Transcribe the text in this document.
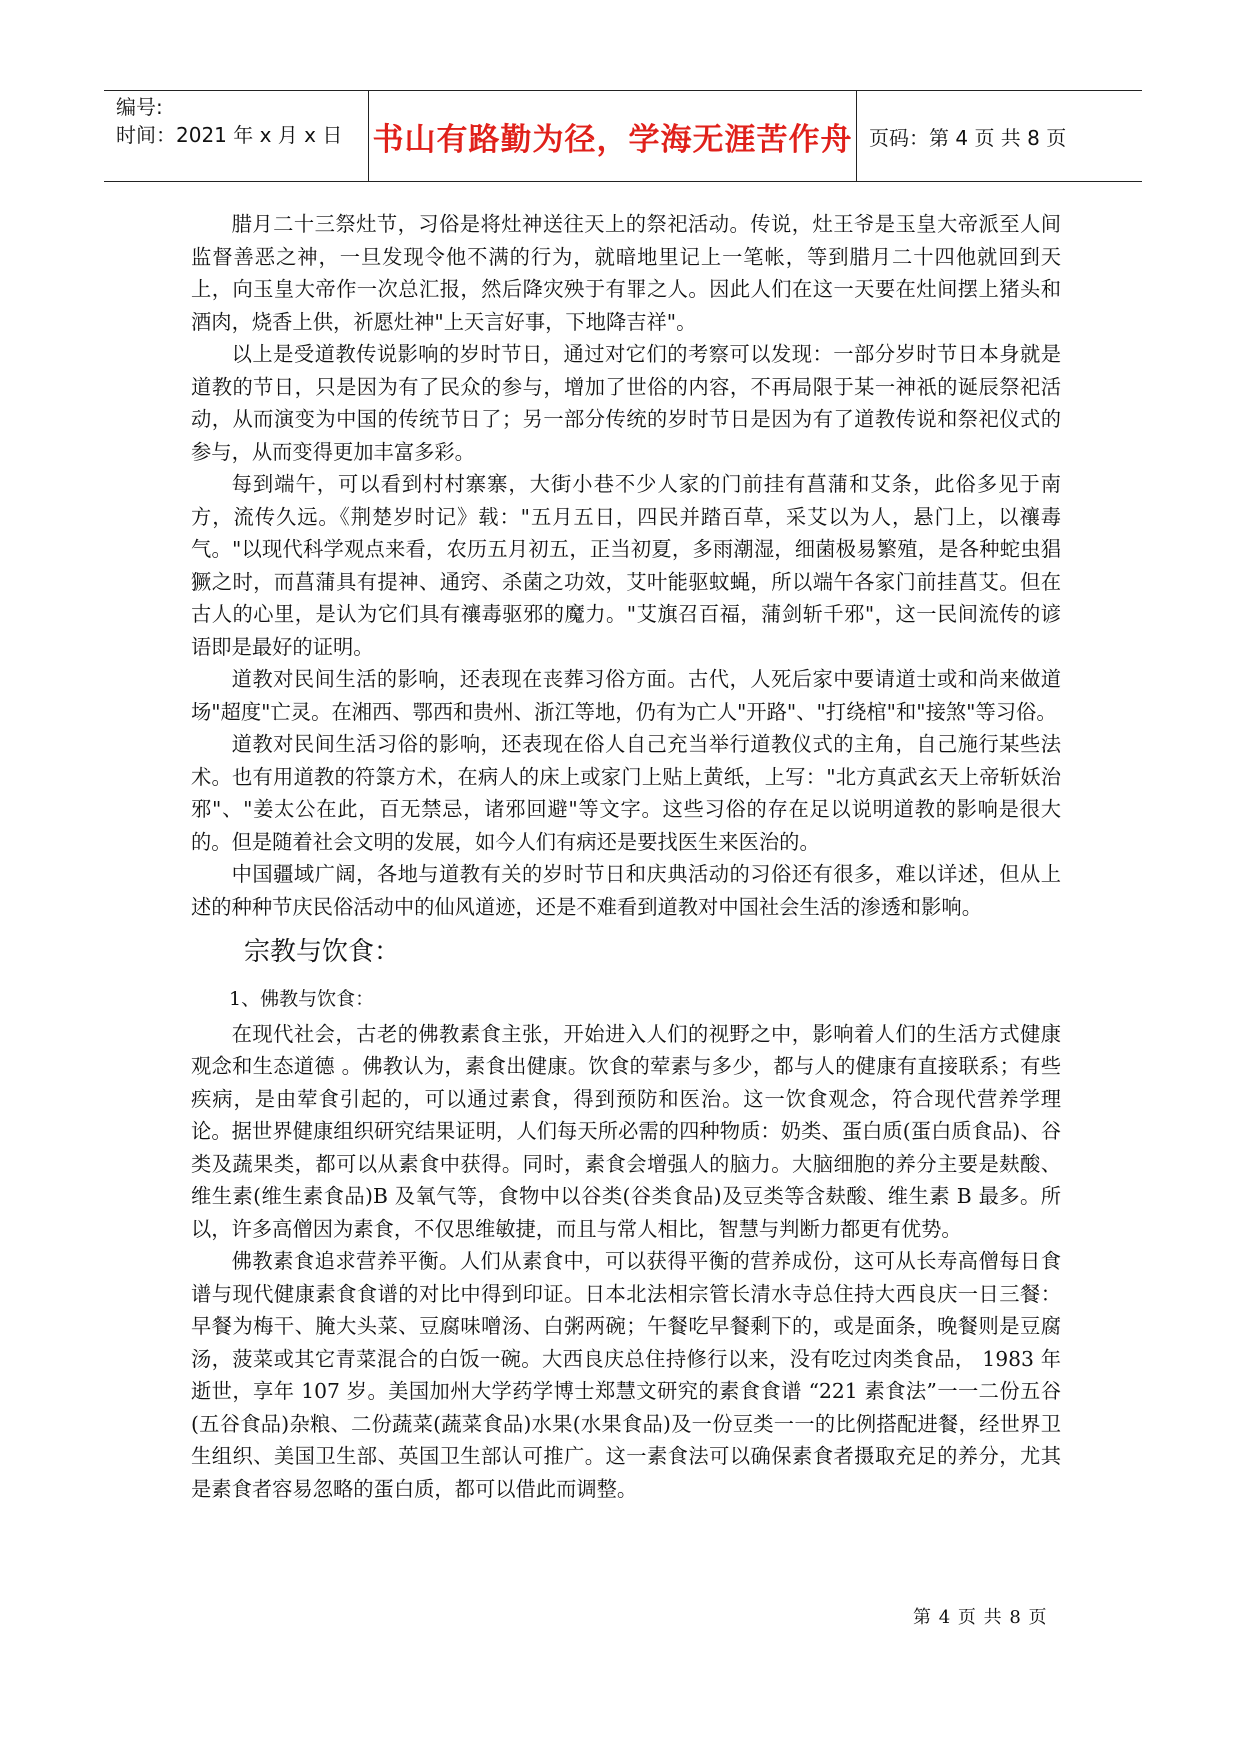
编号:
时间：2021 年 x 月 x 日 书山有路勤为径，学海无涯苦作舟 页码：第 4 页 共 8 页

腊月二十三祭灶节，习俗是将灶神送往天上的祭祀活动。传说，灶王爷是玉皇大帝派至人间监督善恶之神，一旦发现令他不满的行为，就暗地里记上一笔帐，等到腊月二十四他就回到天上，向玉皇大帝作一次总汇报，然后降灾殃于有罪之人。因此人们在这一天要在灶间摆上猪头和酒肉，烧香上供，祈愿灶神"上天言好事，下地降吉祥"。

以上是受道教传说影响的岁时节日，通过对它们的考察可以发现：一部分岁时节日本身就是道教的节日，只是因为有了民众的参与，增加了世俗的内容，不再局限于某一神祇的诞辰祭祀活动，从而演变为中国的传统节日了；另一部分传统的岁时节日是因为有了道教传说和祭祀仪式的参与，从而变得更加丰富多彩。

每到端午，可以看到村村寨寨，大街小巷不少人家的门前挂有菖蒲和艾条，此俗多见于南方，流传久远。《荆楚岁时记》载："五月五日，四民并踏百草，采艾以为人，悬门上，以禳毒气。"以现代科学观点来看，农历五月初五，正当初夏，多雨潮湿，细菌极易繁殖，是各种蛇虫猖獗之时，而菖蒲具有提神、通窍、杀菌之功效，艾叶能驱蚊蝇，所以端午各家门前挂菖艾。但在古人的心里，是认为它们具有禳毒驱邪的魔力。"艾旗召百福，蒲剑斩千邪"，这一民间流传的谚语即是最好的证明。

道教对民间生活的影响，还表现在丧葬习俗方面。古代，人死后家中要请道士或和尚来做道场"超度"亡灵。在湘西、鄂西和贵州、浙江等地，仍有为亡人"开路"、"打绕棺"和"接煞"等习俗。

道教对民间生活习俗的影响，还表现在俗人自己充当举行道教仪式的主角，自己施行某些法术。也有用道教的符箓方术，在病人的床上或家门上贴上黄纸，上写："北方真武玄天上帝斩妖治邪"、"姜太公在此，百无禁忌，诸邪回避"等文字。这些习俗的存在足以说明道教的影响是很大的。但是随着社会文明的发展，如今人们有病还是要找医生来医治的。

中国疆域广阔，各地与道教有关的岁时节日和庆典活动的习俗还有很多，难以详述，但从上述的种种节庆民俗活动中的仙风道迹，还是不难看到道教对中国社会生活的渗透和影响。

宗教与饮食：

1、佛教与饮食：

在现代社会，古老的佛教素食主张，开始进入人们的视野之中，影响着人们的生活方式健康观念和生态道德 。佛教认为，素食出健康。饮食的荤素与多少，都与人的健康有直接联系；有些疾病，是由荤食引起的，可以通过素食，得到预防和医治。这一饮食观念，符合现代营养学理论。据世界健康组织研究结果证明，人们每天所必需的四种物质：奶类、蛋白质(蛋白质食品)、谷类及蔬果类，都可以从素食中获得。同时，素食会增强人的脑力。大脑细胞的养分主要是麸酸、维生素(维生素食品)B 及氧气等，食物中以谷类(谷类食品)及豆类等含麸酸、维生素 B 最多。所以，许多高僧因为素食，不仅思维敏捷，而且与常人相比，智慧与判断力都更有优势。

佛教素食追求营养平衡。人们从素食中，可以获得平衡的营养成份，这可从长寿高僧每日食谱与现代健康素食食谱的对比中得到印证。日本北法相宗管长清水寺总住持大西良庆一日三餐：早餐为梅干、腌大头菜、豆腐味噌汤、白粥两碗；午餐吃早餐剩下的，或是面条，晚餐则是豆腐汤，菠菜或其它青菜混合的白饭一碗。大西良庆总住持修行以来，没有吃过肉类食品， 1983 年逝世，享年 107 岁。美国加州大学药学博士郑慧文研究的素食食谱 “221 素食法”一一二份五谷(五谷食品)杂粮、二份蔬菜(蔬菜食品)水果(水果食品)及一份豆类一一的比例搭配进餐，经世界卫生组织、美国卫生部、英国卫生部认可推广。这一素食法可以确保素食者摄取充足的养分，尤其是素食者容易忽略的蛋白质，都可以借此而调整。

第 4 页 共 8 页
